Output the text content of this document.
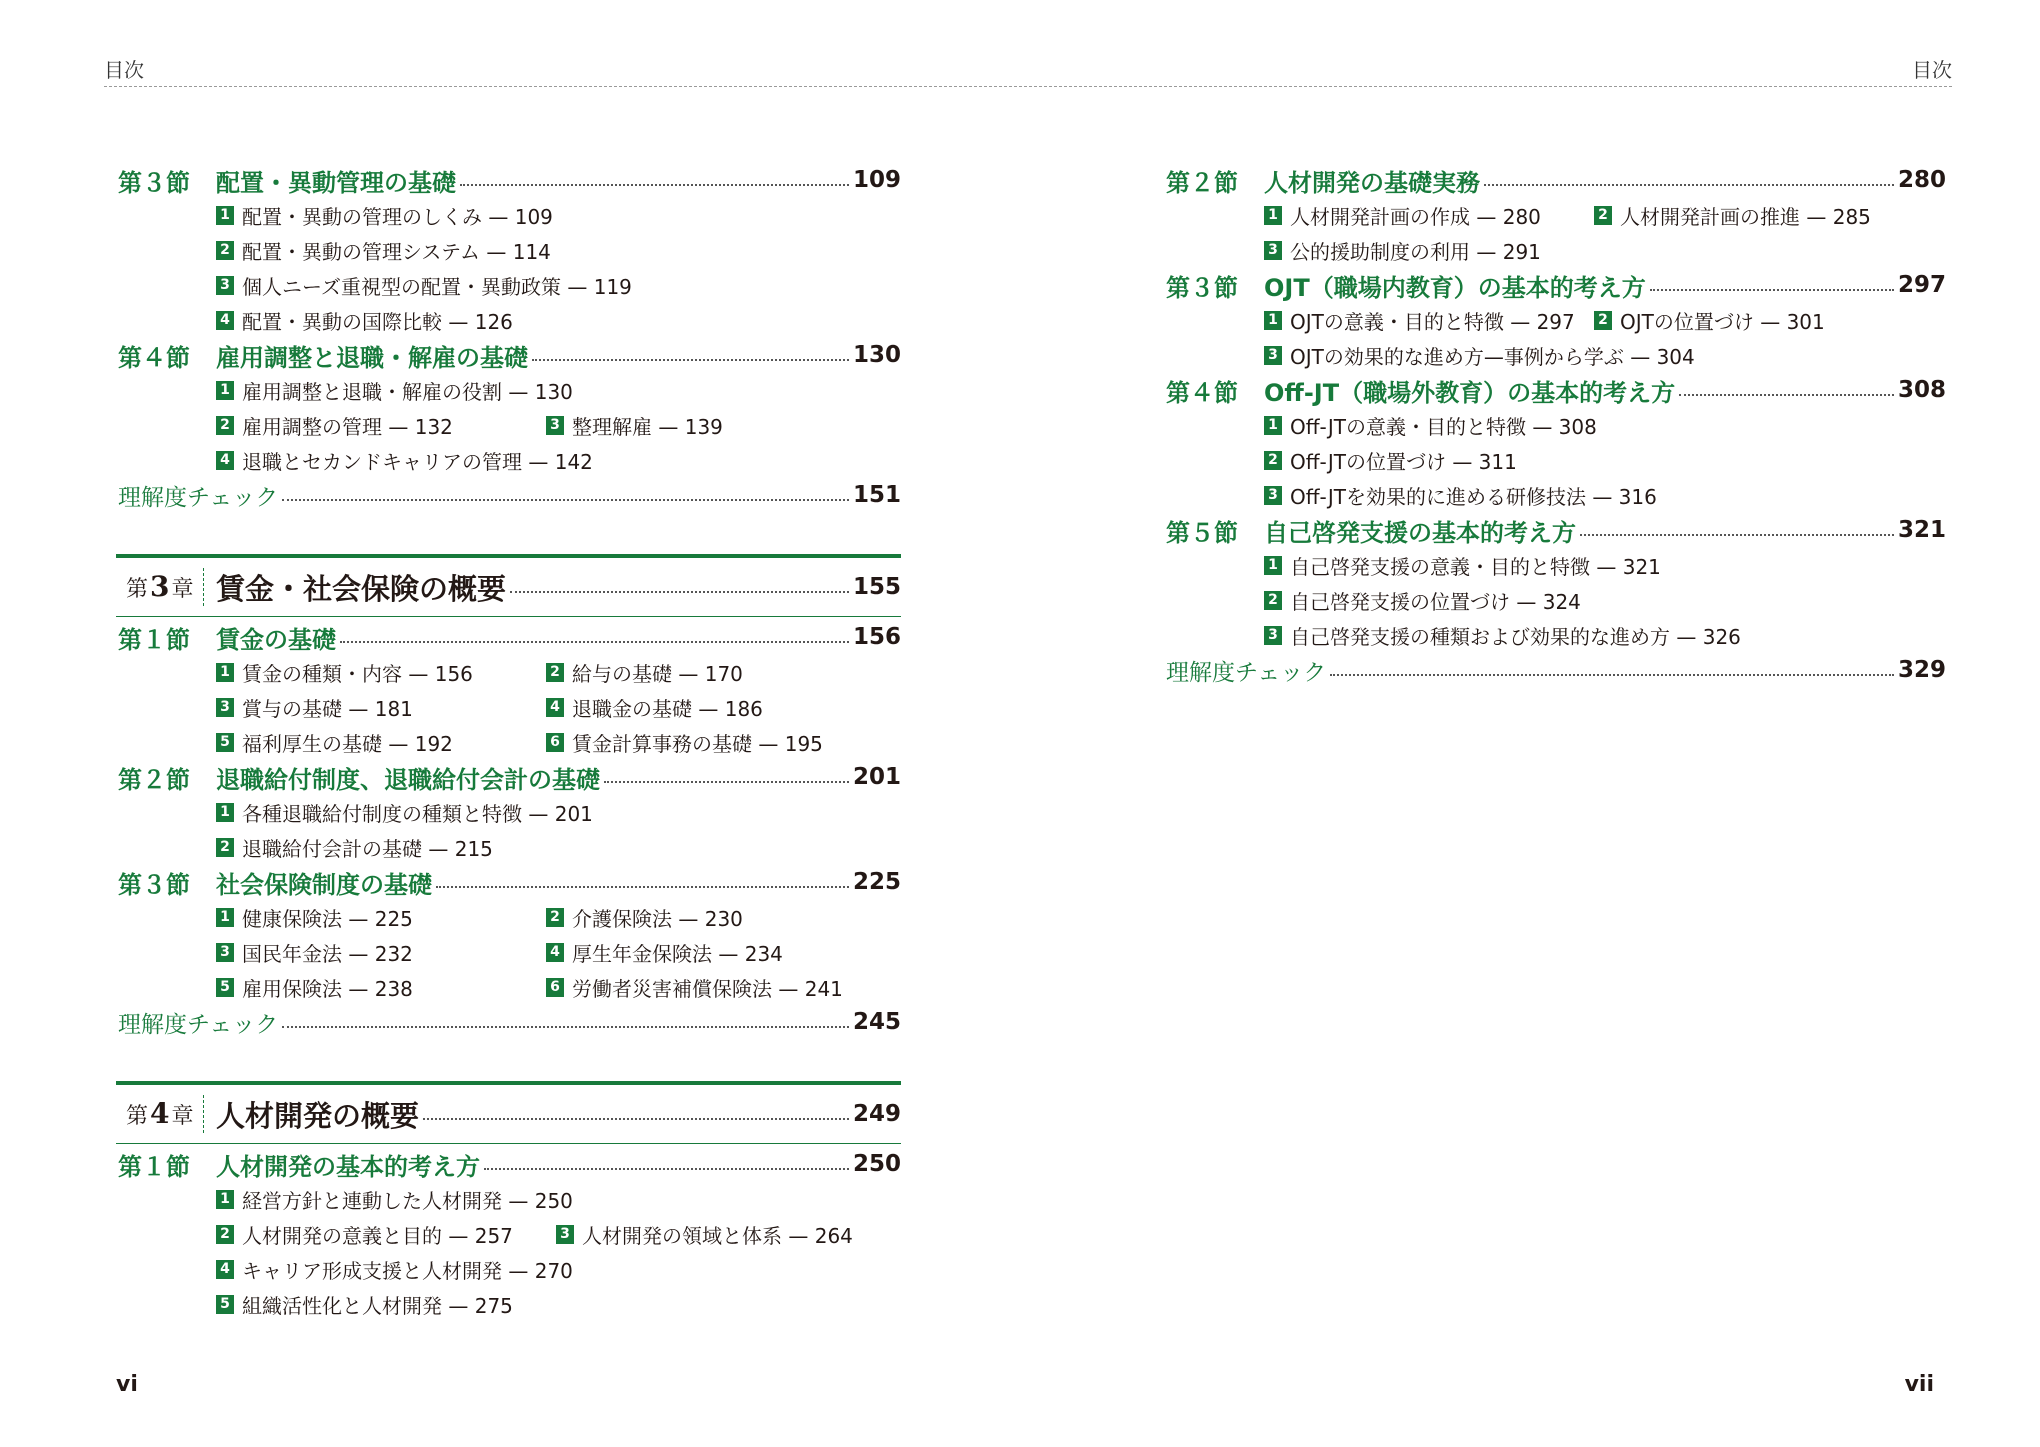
目次	目次
第３節	配置・異動管理の基礎	109
1 配置・異動の管理のしくみ — 109
2 配置・異動の管理システム — 114
3 個人ニーズ重視型の配置・異動政策 — 119
4 配置・異動の国際比較 — 126
第４節	雇用調整と退職・解雇の基礎	130
1 雇用調整と退職・解雇の役割 — 130
2 雇用調整の管理 — 132	3 整理解雇 — 139
4 退職とセカンドキャリアの管理 — 142
理解度チェック	151
第3章 賃金・社会保険の概要	155
第１節	賃金の基礎	156
1 賃金の種類・内容 — 156	2 給与の基礎 — 170
3 賞与の基礎 — 181	4 退職金の基礎 — 186
5 福利厚生の基礎 — 192	6 賃金計算事務の基礎 — 195
第２節	退職給付制度、退職給付会計の基礎	201
1 各種退職給付制度の種類と特徴 — 201
2 退職給付会計の基礎 — 215
第３節	社会保険制度の基礎	225
1 健康保険法 — 225	2 介護保険法 — 230
3 国民年金法 — 232	4 厚生年金保険法 — 234
5 雇用保険法 — 238	6 労働者災害補償保険法 — 241
理解度チェック	245
第4章 人材開発の概要	249
第１節	人材開発の基本的考え方	250
1 経営方針と連動した人材開発 — 250
2 人材開発の意義と目的 — 257	3 人材開発の領域と体系 — 264
4 キャリア形成支援と人材開発 — 270
5 組織活性化と人材開発 — 275
第２節	人材開発の基礎実務	280
1 人材開発計画の作成 — 280	2 人材開発計画の推進 — 285
3 公的援助制度の利用 — 291
第３節	OJT（職場内教育）の基本的考え方	297
1 OJTの意義・目的と特徴 — 297 2 OJTの位置づけ — 301
3 OJTの効果的な進め方—事例から学ぶ — 304
第４節	Off-JT（職場外教育）の基本的考え方	308
1 Off-JTの意義・目的と特徴 — 308
2 Off-JTの位置づけ — 311
3 Off-JTを効果的に進める研修技法 — 316
第５節	自己啓発支援の基本的考え方	321
1 自己啓発支援の意義・目的と特徴 — 321
2 自己啓発支援の位置づけ — 324
3 自己啓発支援の種類および効果的な進め方 — 326
理解度チェック	329
vi	vii
